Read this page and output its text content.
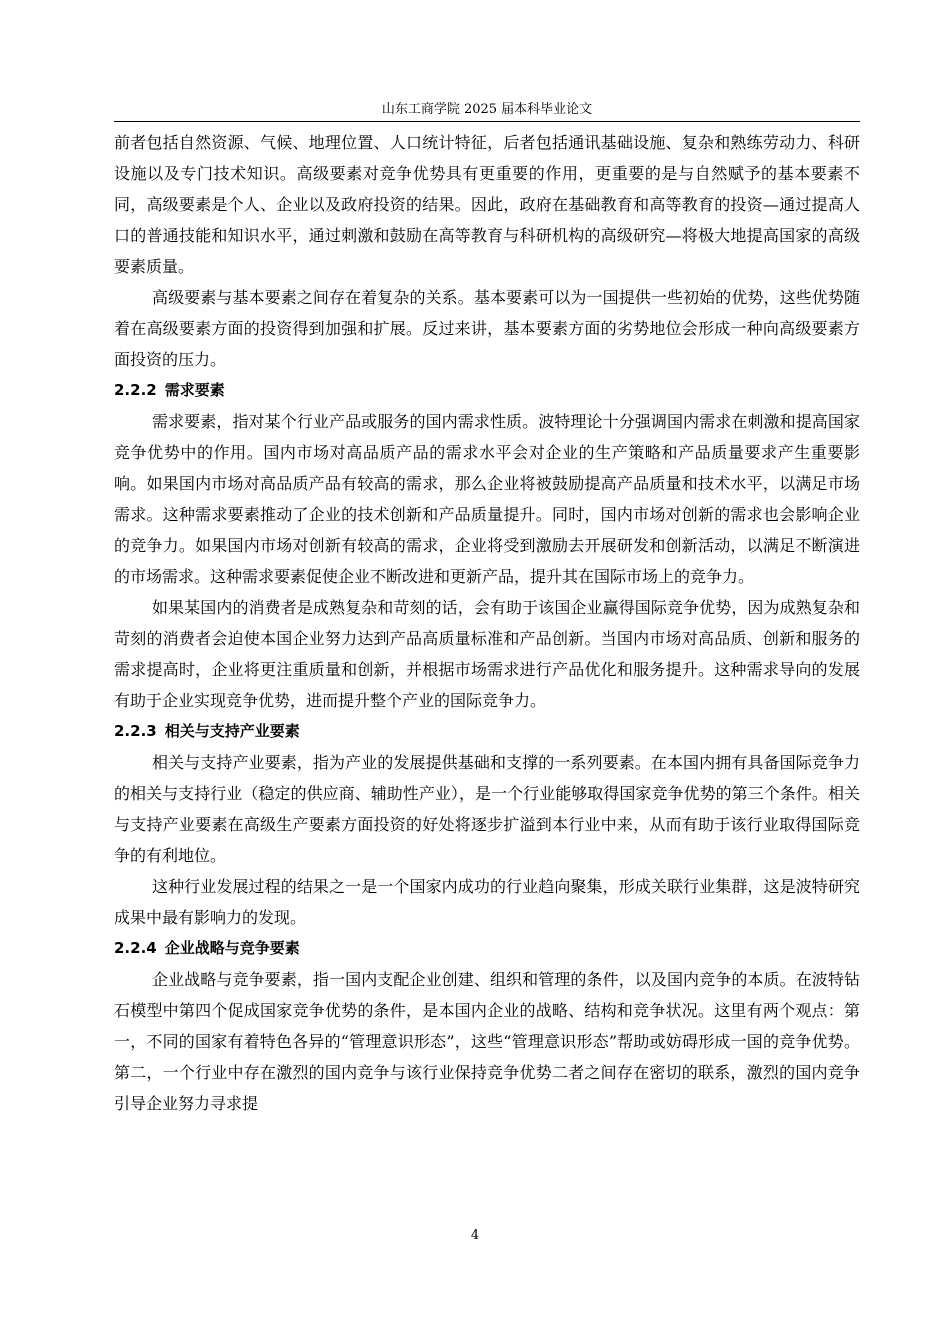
山东工商学院 2025 届本科毕业论文

前者包括自然资源、气候、地理位置、人口统计特征，后者包括通讯基础设施、复杂和熟练劳动力、科研设施以及专门技术知识。高级要素对竞争优势具有更重要的作用，更重要的是与自然赋予的基本要素不同，高级要素是个人、企业以及政府投资的结果。因此，政府在基础教育和高等教育的投资—通过提高人口的普通技能和知识水平，通过刺激和鼓励在高等教育与科研机构的高级研究—将极大地提高国家的高级要素质量。

高级要素与基本要素之间存在着复杂的关系。基本要素可以为一国提供一些初始的优势，这些优势随着在高级要素方面的投资得到加强和扩展。反过来讲，基本要素方面的劣势地位会形成一种向高级要素方面投资的压力。

2.2.2 需求要素

需求要素，指对某个行业产品或服务的国内需求性质。波特理论十分强调国内需求在刺激和提高国家竞争优势中的作用。国内市场对高品质产品的需求水平会对企业的生产策略和产品质量要求产生重要影响。如果国内市场对高品质产品有较高的需求，那么企业将被鼓励提高产品质量和技术水平，以满足市场需求。这种需求要素推动了企业的技术创新和产品质量提升。同时，国内市场对创新的需求也会影响企业的竞争力。如果国内市场对创新有较高的需求，企业将受到激励去开展研发和创新活动，以满足不断演进的市场需求。这种需求要素促使企业不断改进和更新产品，提升其在国际市场上的竞争力。

如果某国内的消费者是成熟复杂和苛刻的话，会有助于该国企业赢得国际竞争优势，因为成熟复杂和苛刻的消费者会迫使本国企业努力达到产品高质量标准和产品创新。当国内市场对高品质、创新和服务的需求提高时，企业将更注重质量和创新，并根据市场需求进行产品优化和服务提升。这种需求导向的发展有助于企业实现竞争优势，进而提升整个产业的国际竞争力。

2.2.3 相关与支持产业要素

相关与支持产业要素，指为产业的发展提供基础和支撑的一系列要素。在本国内拥有具备国际竞争力的相关与支持行业（稳定的供应商、辅助性产业），是一个行业能够取得国家竞争优势的第三个条件。相关与支持产业要素在高级生产要素方面投资的好处将逐步扩溢到本行业中来，从而有助于该行业取得国际竞争的有利地位。

这种行业发展过程的结果之一是一个国家内成功的行业趋向聚集，形成关联行业集群，这是波特研究成果中最有影响力的发现。

2.2.4 企业战略与竞争要素

企业战略与竞争要素，指一国内支配企业创建、组织和管理的条件，以及国内竞争的本质。在波特钻石模型中第四个促成国家竞争优势的条件，是本国内企业的战略、结构和竞争状况。这里有两个观点：第一，不同的国家有着特色各异的“管理意识形态”，这些“管理意识形态”帮助或妨碍形成一国的竞争优势。第二，一个行业中存在激烈的国内竞争与该行业保持竞争优势二者之间存在密切的联系，激烈的国内竞争引导企业努力寻求提

4
